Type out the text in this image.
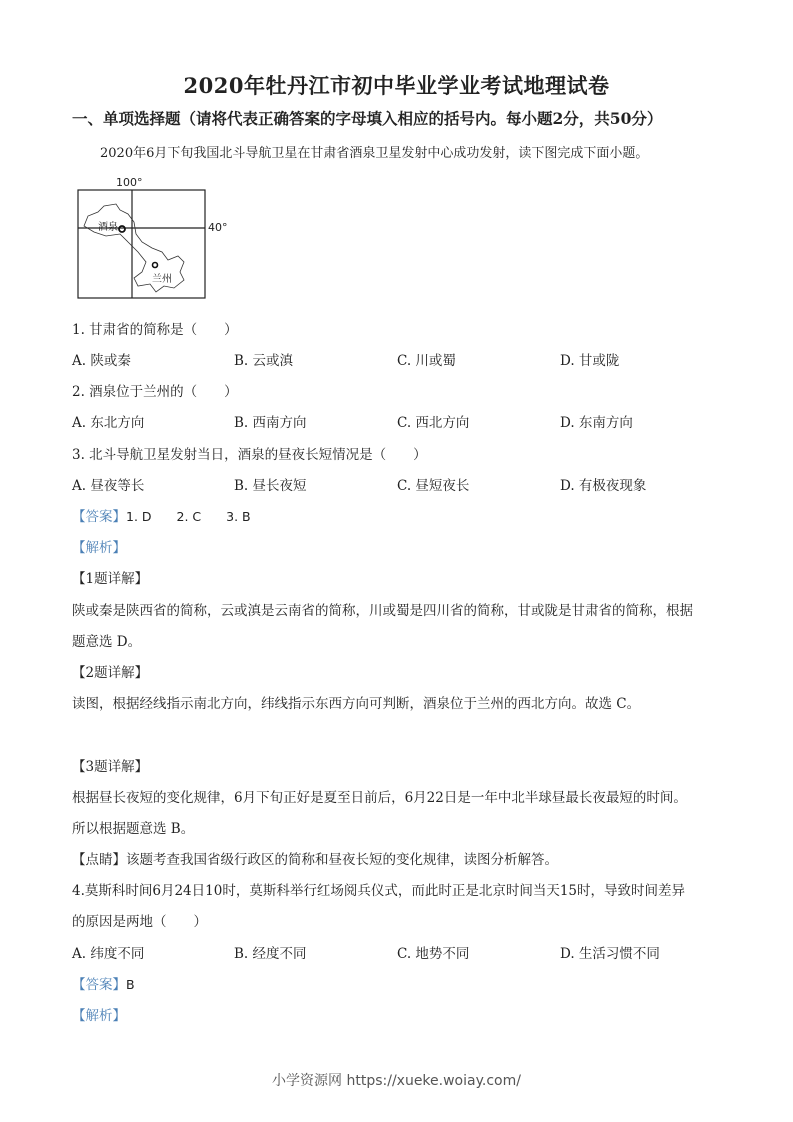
2020年牡丹江市初中毕业学业考试地理试卷
一、单项选择题（请将代表正确答案的字母填入相应的括号内。每小题2分，共50分）
2020年6月下旬我国北斗导航卫星在甘肃省酒泉卫星发射中心成功发射，读下图完成下面小题。
100°
40°
酒泉
兰州
1. 甘肃省的简称是（　　）
A. 陕或秦	B. 云或滇	C. 川或蜀	D. 甘或陇
2. 酒泉位于兰州的（　　）
A. 东北方向	B. 西南方向	C. 西北方向	D. 东南方向
3. 北斗导航卫星发射当日，酒泉的昼夜长短情况是（　　）
A. 昼夜等长	B. 昼长夜短	C. 昼短夜长	D. 有极夜现象
【答案】1. D　　2. C　　3. B
【解析】
【1题详解】
陕或秦是陕西省的简称，云或滇是云南省的简称，川或蜀是四川省的简称，甘或陇是甘肃省的简称，根据
题意选 D。
【2题详解】
读图，根据经线指示南北方向，纬线指示东西方向可判断，酒泉位于兰州的西北方向。故选 C。
【3题详解】
根据昼长夜短的变化规律，6月下旬正好是夏至日前后，6月22日是一年中北半球昼最长夜最短的时间。
所以根据题意选 B。
【点睛】该题考查我国省级行政区的简称和昼夜长短的变化规律，读图分析解答。
4.莫斯科时间6月24日10时，莫斯科举行红场阅兵仪式，而此时正是北京时间当天15时，导致时间差异
的原因是两地（　　）
A. 纬度不同	B. 经度不同	C. 地势不同	D. 生活习惯不同
【答案】B
【解析】
小学资源网 https://xueke.woiay.com/
